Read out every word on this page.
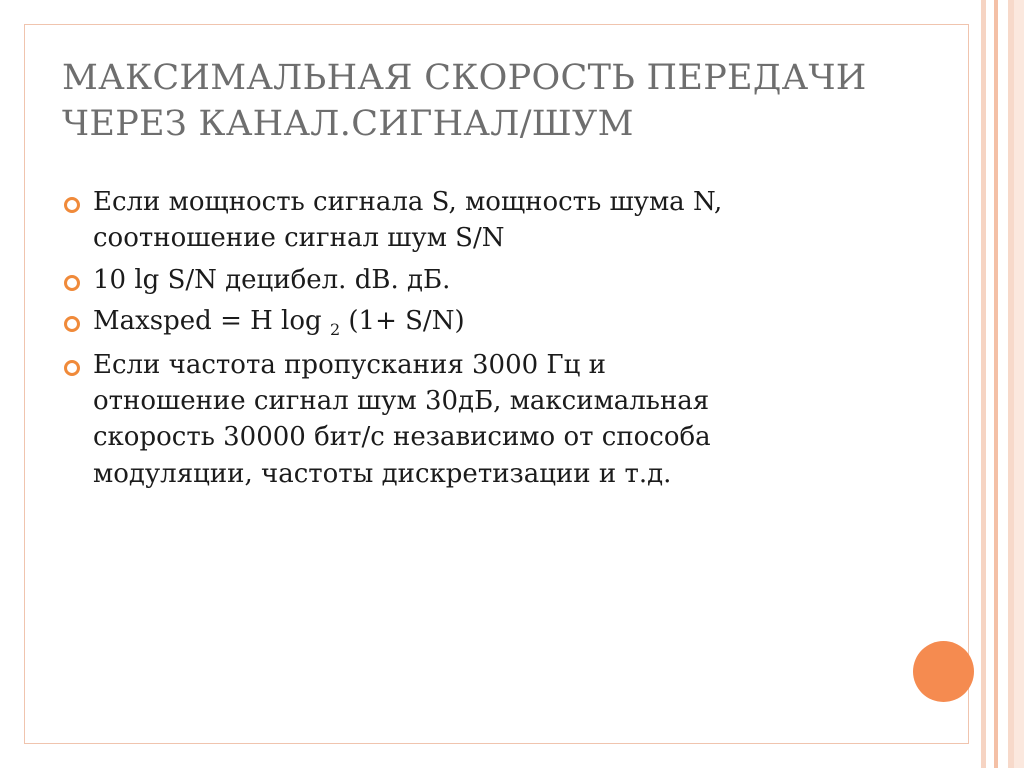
МАКСИМАЛЬНАЯ СКОРОСТЬ ПЕРЕДАЧИ
ЧЕРЕЗ КАНАЛ.СИГНАЛ/ШУМ
Если мощность сигнала S, мощность шума N,
соотношение сигнал шум S/N
10 lg S/N децибел. dB. дБ.
Maxsped = H log $_2$ (1+ S/N)
Если частота пропускания 3000 Гц и
отношение сигнал шум 30дБ, максимальная
скорость 30000 бит/с независимо от способа
модуляции, частоты дискретизации и т.д.
